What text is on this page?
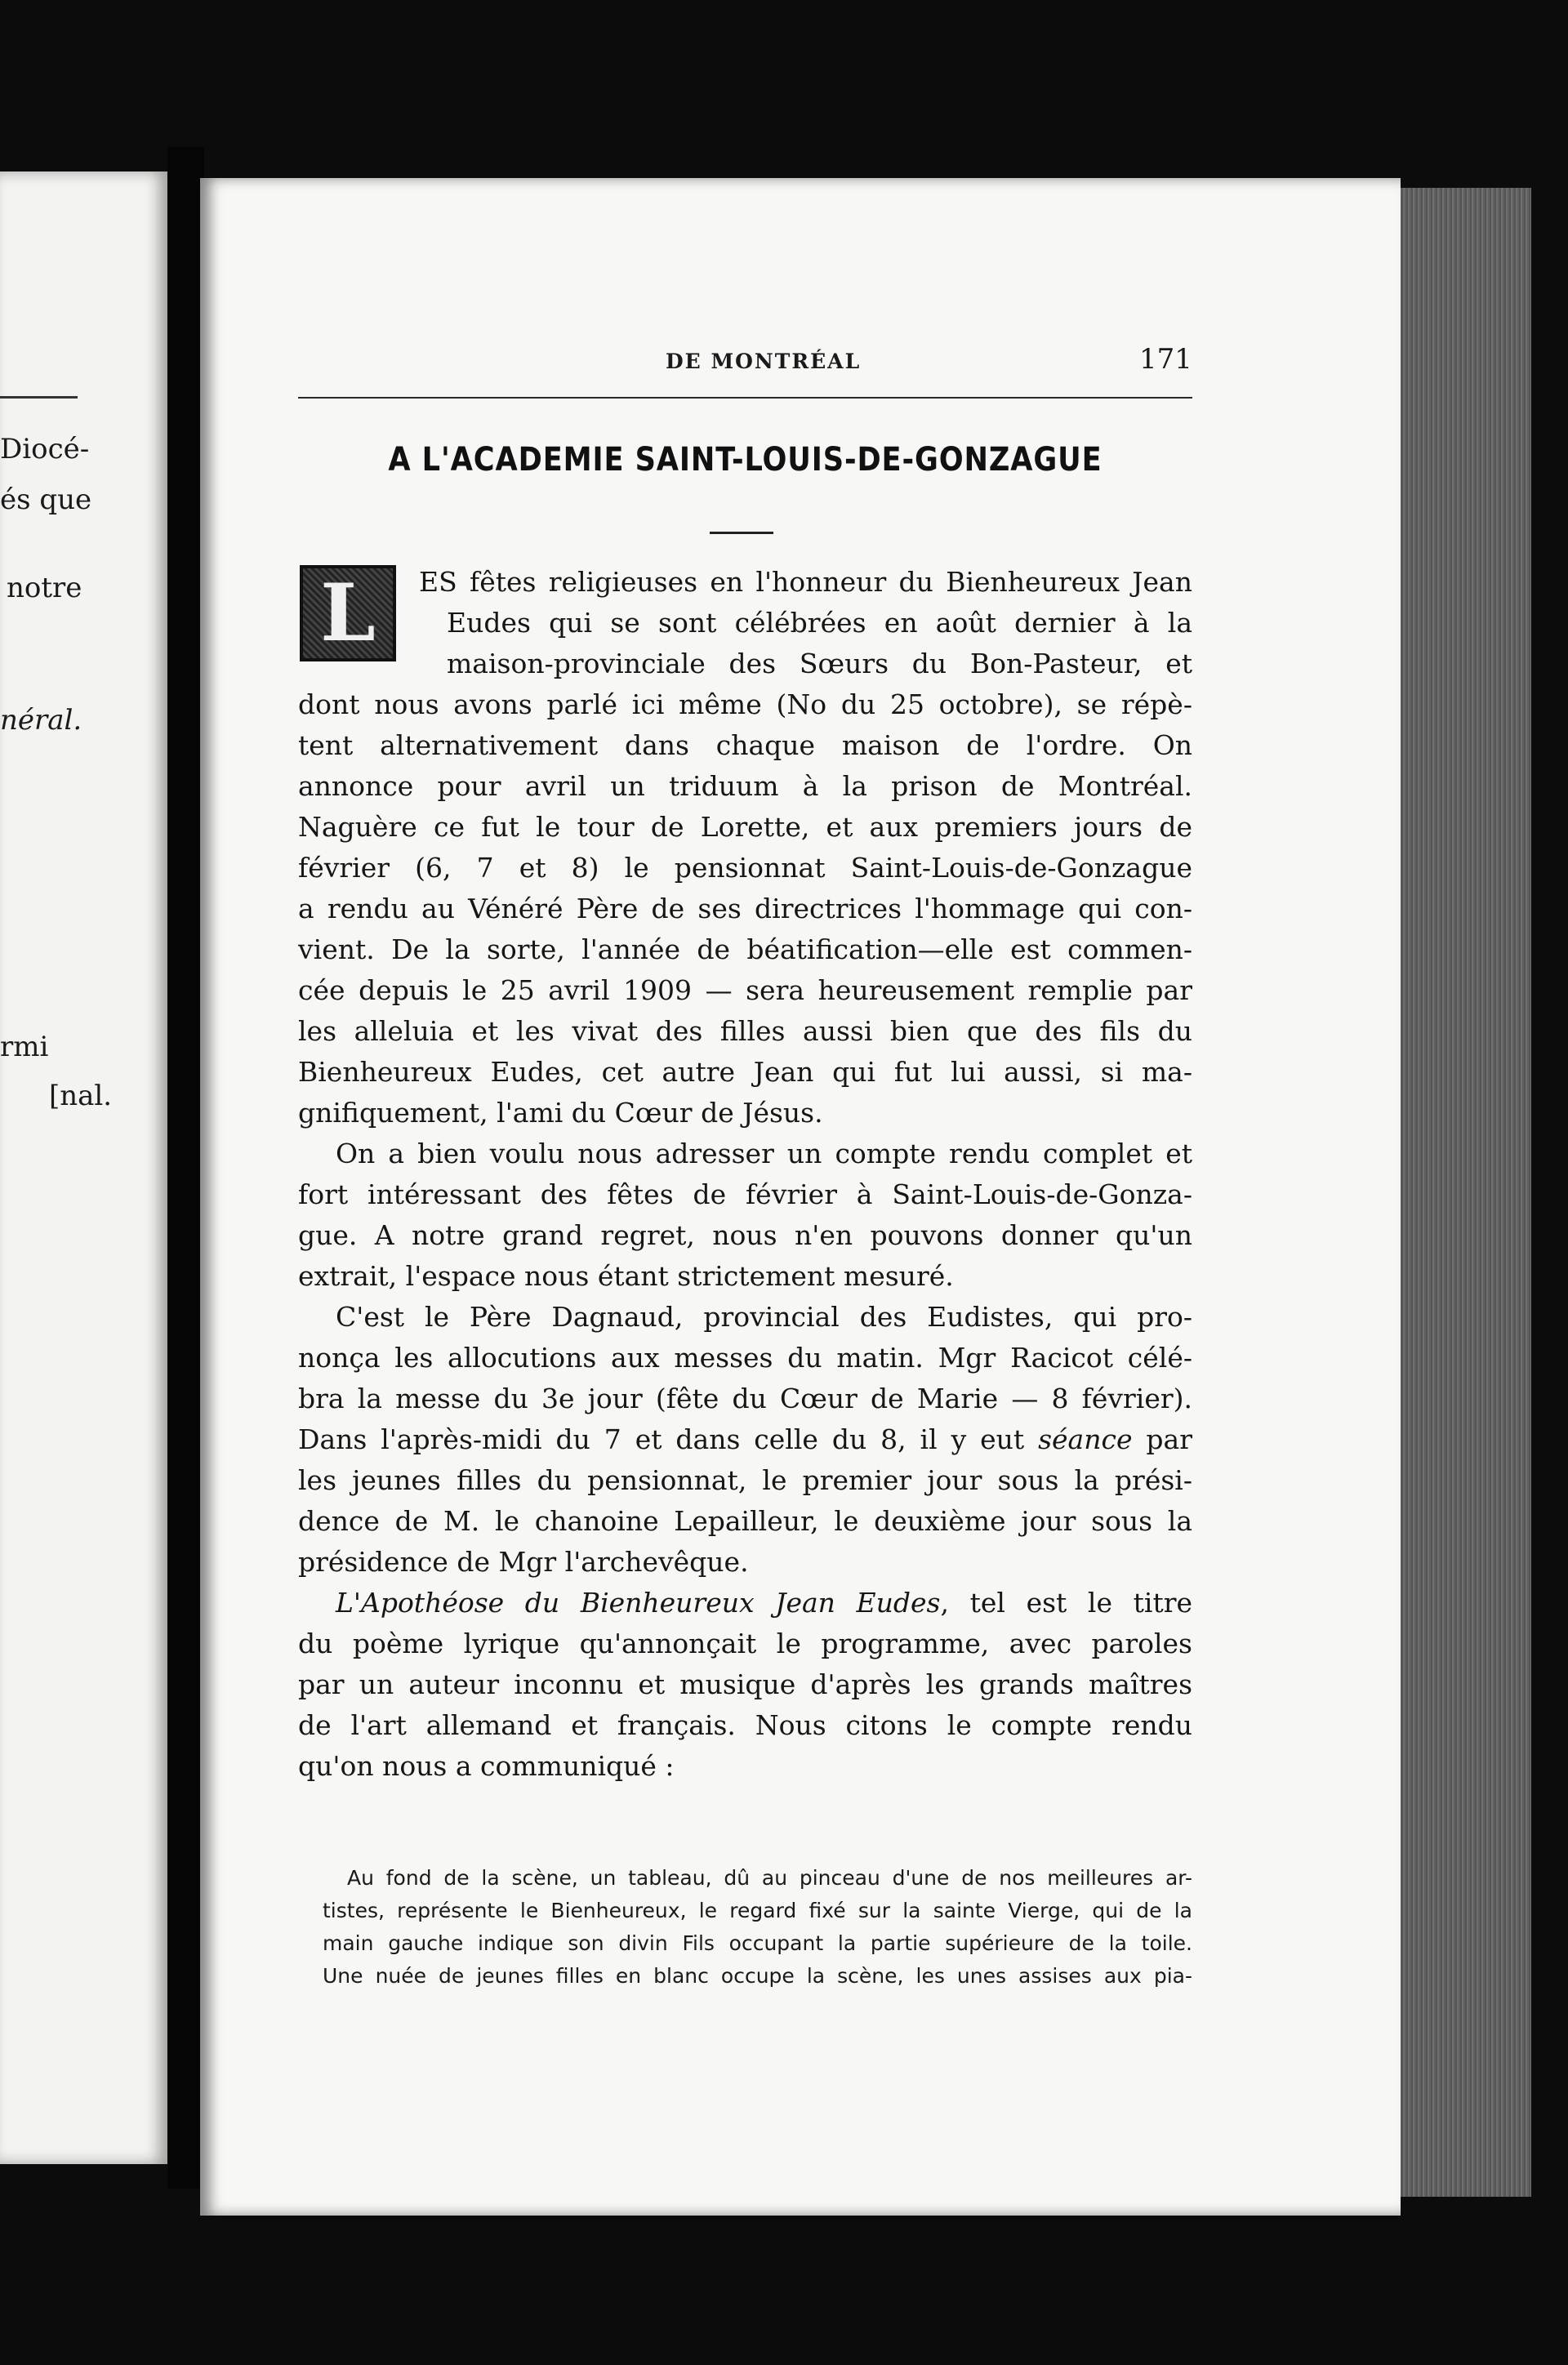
Diocé-
és que
notre
néral.
rmi
[nal.
DE MONTRÉAL	171
A L'ACADEMIE SAINT-LOUIS-DE-GONZAGUE
L ES fêtes religieuses en l'honneur du Bienheureux Jean
Eudes qui se sont célébrées en août dernier à la
maison-provinciale des Sœurs du Bon-Pasteur, et
dont nous avons parlé ici même (No du 25 octobre), se répè-
tent alternativement dans chaque maison de l'ordre. On
annonce pour avril un triduum à la prison de Montréal.
Naguère ce fut le tour de Lorette, et aux premiers jours de
février (6, 7 et 8) le pensionnat Saint-Louis-de-Gonzague
a rendu au Vénéré Père de ses directrices l'hommage qui con-
vient. De la sorte, l'année de béatification—elle est commen-
cée depuis le 25 avril 1909 — sera heureusement remplie par
les alleluia et les vivat des filles aussi bien que des fils du
Bienheureux Eudes, cet autre Jean qui fut lui aussi, si ma-
gnifiquement, l'ami du Cœur de Jésus.
On a bien voulu nous adresser un compte rendu complet et
fort intéressant des fêtes de février à Saint-Louis-de-Gonza-
gue. A notre grand regret, nous n'en pouvons donner qu'un
extrait, l'espace nous étant strictement mesuré.
C'est le Père Dagnaud, provincial des Eudistes, qui pro-
nonça les allocutions aux messes du matin. Mgr Racicot célé-
bra la messe du 3e jour (fête du Cœur de Marie — 8 février).
Dans l'après-midi du 7 et dans celle du 8, il y eut séance par
les jeunes filles du pensionnat, le premier jour sous la prési-
dence de M. le chanoine Lepailleur, le deuxième jour sous la
présidence de Mgr l'archevêque.
L'Apothéose du Bienheureux Jean Eudes, tel est le titre
du poème lyrique qu'annonçait le programme, avec paroles
par un auteur inconnu et musique d'après les grands maîtres
de l'art allemand et français. Nous citons le compte rendu
qu'on nous a communiqué :
Au fond de la scène, un tableau, dû au pinceau d'une de nos meilleures ar-
tistes, représente le Bienheureux, le regard fixé sur la sainte Vierge, qui de la
main gauche indique son divin Fils occupant la partie supérieure de la toile.
Une nuée de jeunes filles en blanc occupe la scène, les unes assises aux pia-
